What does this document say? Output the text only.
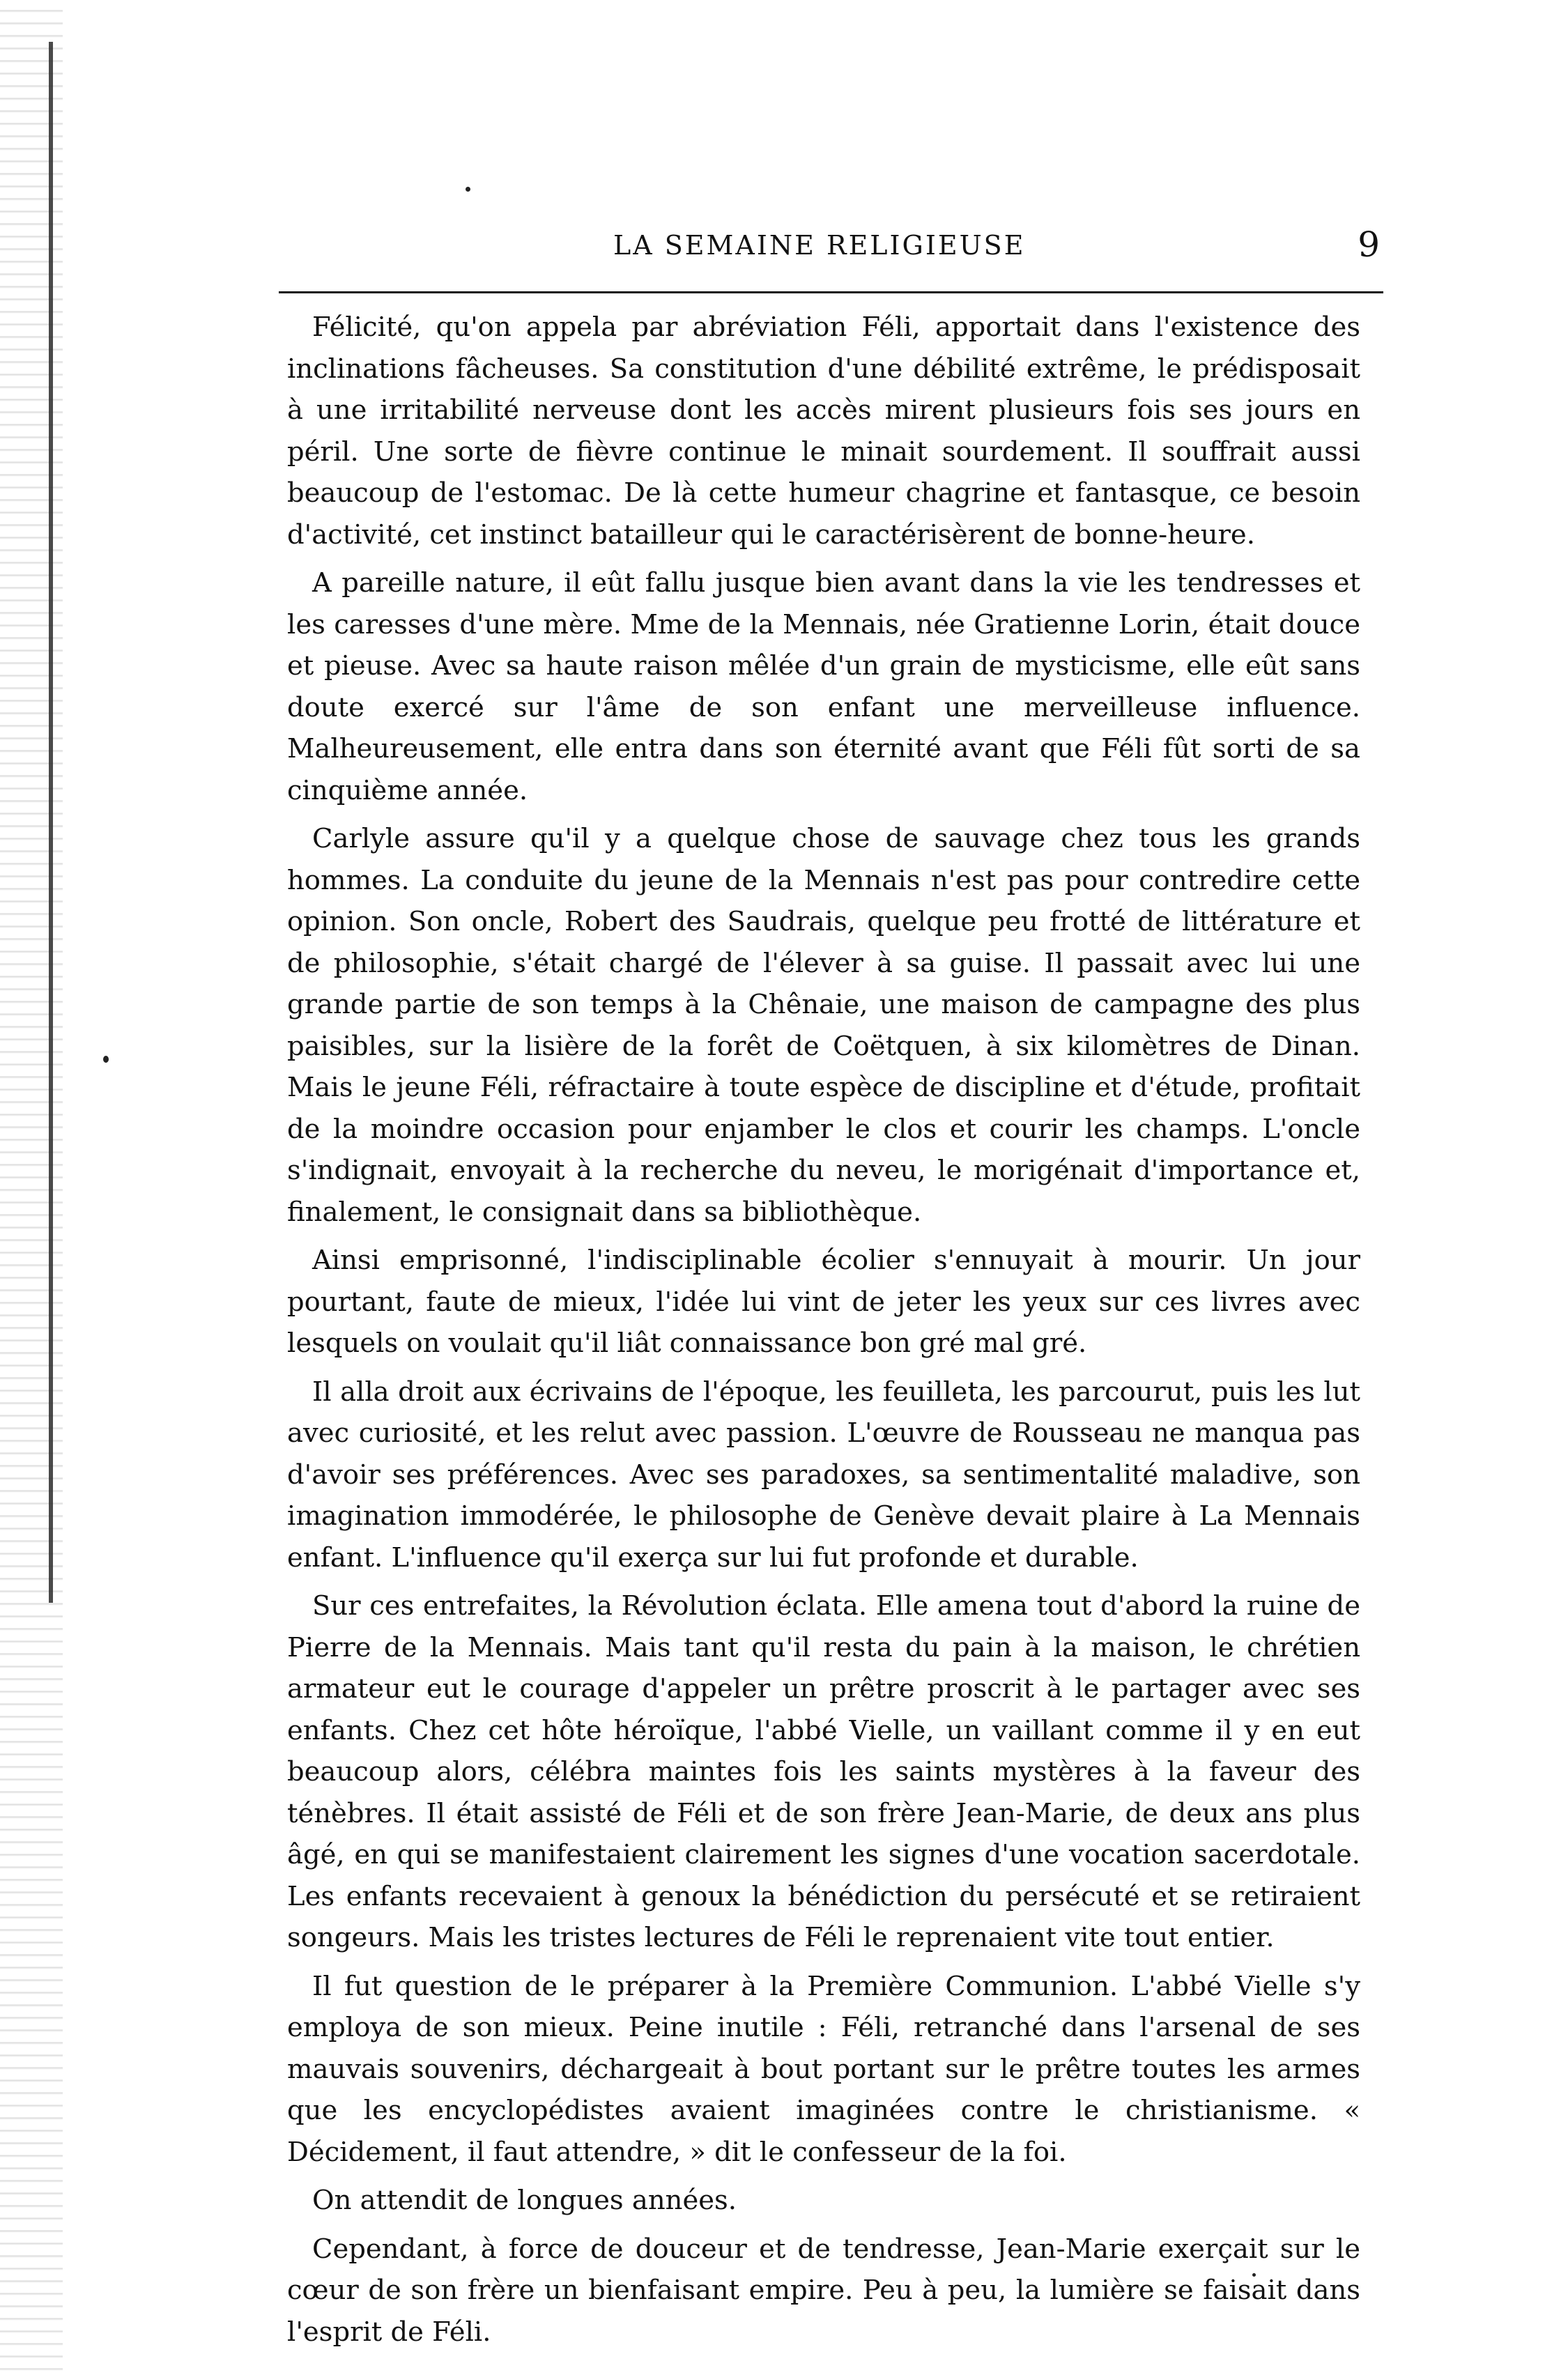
LA SEMAINE RELIGIEUSE	9

Félicité, qu'on appela par abréviation Féli, apportait dans l'existence des inclinations fâcheuses. Sa constitution d'une débilité extrême, le prédisposait à une irritabilité nerveuse dont les accès mirent plusieurs fois ses jours en péril. Une sorte de fièvre continue le minait sourdement. Il souffrait aussi beaucoup de l'estomac. De là cette humeur chagrine et fantasque, ce besoin d'activité, cet instinct batailleur qui le caractérisèrent de bonne-heure.

A pareille nature, il eût fallu jusque bien avant dans la vie les tendresses et les caresses d'une mère. Mme de la Mennais, née Gratienne Lorin, était douce et pieuse. Avec sa haute raison mêlée d'un grain de mysticisme, elle eût sans doute exercé sur l'âme de son enfant une merveilleuse influence. Malheureusement, elle entra dans son éternité avant que Féli fût sorti de sa cinquième année.

Carlyle assure qu'il y a quelque chose de sauvage chez tous les grands hommes. La conduite du jeune de la Mennais n'est pas pour contredire cette opinion. Son oncle, Robert des Saudrais, quelque peu frotté de littérature et de philosophie, s'était chargé de l'élever à sa guise. Il passait avec lui une grande partie de son temps à la Chênaie, une maison de campagne des plus paisibles, sur la lisière de la forêt de Coëtquen, à six kilomètres de Dinan. Mais le jeune Féli, réfractaire à toute espèce de discipline et d'étude, profitait de la moindre occasion pour enjamber le clos et courir les champs. L'oncle s'indignait, envoyait à la recherche du neveu, le morigénait d'importance et, finalement, le consignait dans sa bibliothèque.

Ainsi emprisonné, l'indisciplinable écolier s'ennuyait à mourir. Un jour pourtant, faute de mieux, l'idée lui vint de jeter les yeux sur ces livres avec lesquels on voulait qu'il liât connaissance bon gré mal gré.

Il alla droit aux écrivains de l'époque, les feuilleta, les parcourut, puis les lut avec curiosité, et les relut avec passion. L'œuvre de Rousseau ne manqua pas d'avoir ses préférences. Avec ses paradoxes, sa sentimentalité maladive, son imagination immodérée, le philosophe de Genève devait plaire à La Mennais enfant. L'influence qu'il exerça sur lui fut profonde et durable.

Sur ces entrefaites, la Révolution éclata. Elle amena tout d'abord la ruine de Pierre de la Mennais. Mais tant qu'il resta du pain à la maison, le chrétien armateur eut le courage d'appeler un prêtre proscrit à le partager avec ses enfants. Chez cet hôte héroïque, l'abbé Vielle, un vaillant comme il y en eut beaucoup alors, célébra maintes fois les saints mystères à la faveur des ténèbres. Il était assisté de Féli et de son frère Jean-Marie, de deux ans plus âgé, en qui se manifestaient clairement les signes d'une vocation sacerdotale. Les enfants recevaient à genoux la bénédiction du persécuté et se retiraient songeurs. Mais les tristes lectures de Féli le reprenaient vite tout entier.

Il fut question de le préparer à la Première Communion. L'abbé Vielle s'y employa de son mieux. Peine inutile : Féli, retranché dans l'arsenal de ses mauvais souvenirs, déchargeait à bout portant sur le prêtre toutes les armes que les encyclopédistes avaient imaginées contre le christianisme. « Décidement, il faut attendre, » dit le confesseur de la foi.

On attendit de longues années.

Cependant, à force de douceur et de tendresse, Jean-Marie exerçait sur le cœur de son frère un bienfaisant empire. Peu à peu, la lumière se faisait dans l'esprit de Féli.
